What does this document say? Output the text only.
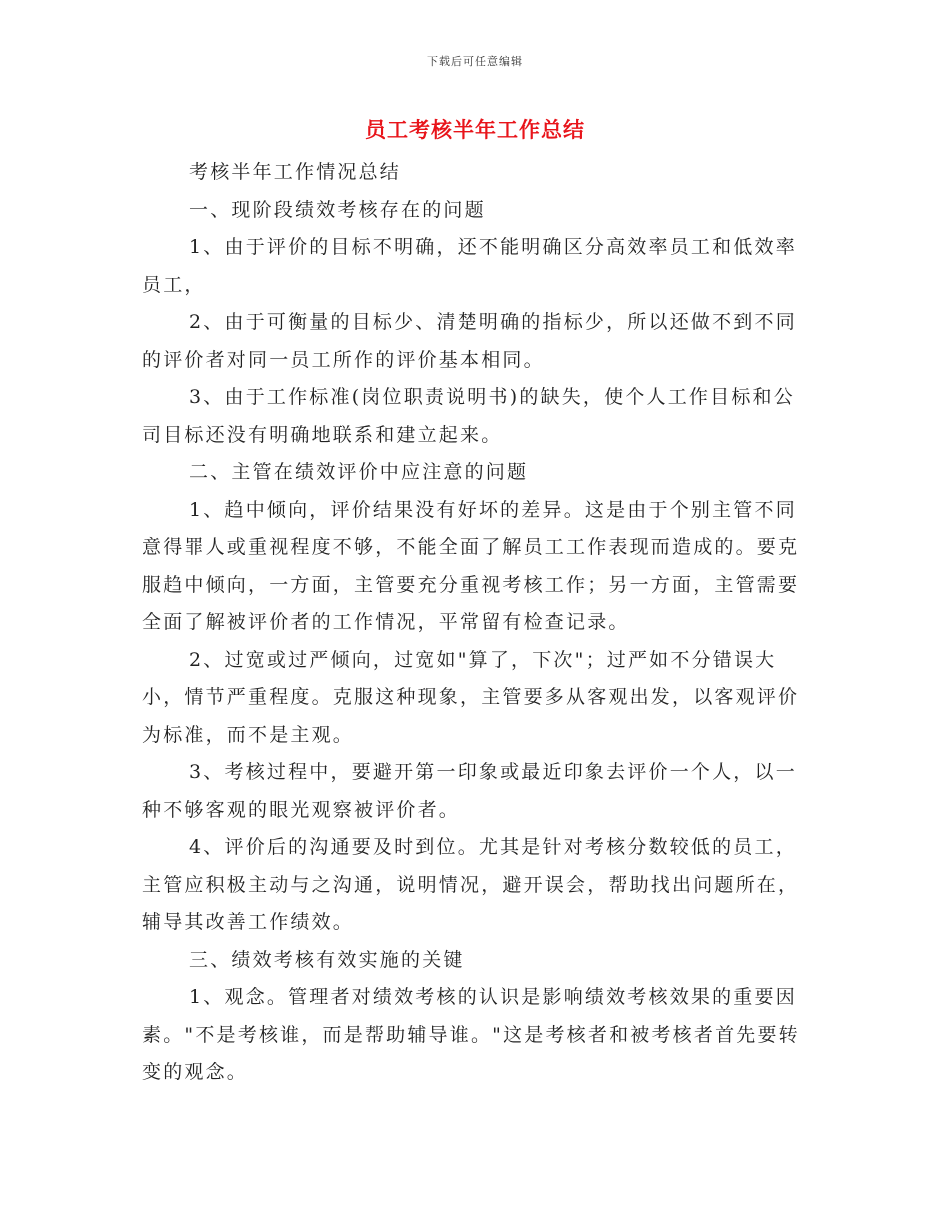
下载后可任意编辑
员工考核半年工作总结

考核半年工作情况总结

一、现阶段绩效考核存在的问题

1、由于评价的目标不明确，还不能明确区分高效率员工和低效率员工，

2、由于可衡量的目标少、清楚明确的指标少，所以还做不到不同的评价者对同一员工所作的评价基本相同。

3、由于工作标准(岗位职责说明书)的缺失，使个人工作目标和公司目标还没有明确地联系和建立起来。

二、主管在绩效评价中应注意的问题

1、趋中倾向，评价结果没有好坏的差异。这是由于个别主管不同意得罪人或重视程度不够，不能全面了解员工工作表现而造成的。要克服趋中倾向，一方面，主管要充分重视考核工作；另一方面，主管需要全面了解被评价者的工作情况，平常留有检查记录。

2、过宽或过严倾向，过宽如"算了，下次"；过严如不分错误大小，情节严重程度。克服这种现象，主管要多从客观出发，以客观评价为标准，而不是主观。

3、考核过程中，要避开第一印象或最近印象去评价一个人，以一种不够客观的眼光观察被评价者。

4、评价后的沟通要及时到位。尤其是针对考核分数较低的员工，主管应积极主动与之沟通，说明情况，避开误会，帮助找出问题所在，辅导其改善工作绩效。

三、绩效考核有效实施的关键

1、观念。管理者对绩效考核的认识是影响绩效考核效果的重要因素。"不是考核谁，而是帮助辅导谁。"这是考核者和被考核者首先要转变的观念。
